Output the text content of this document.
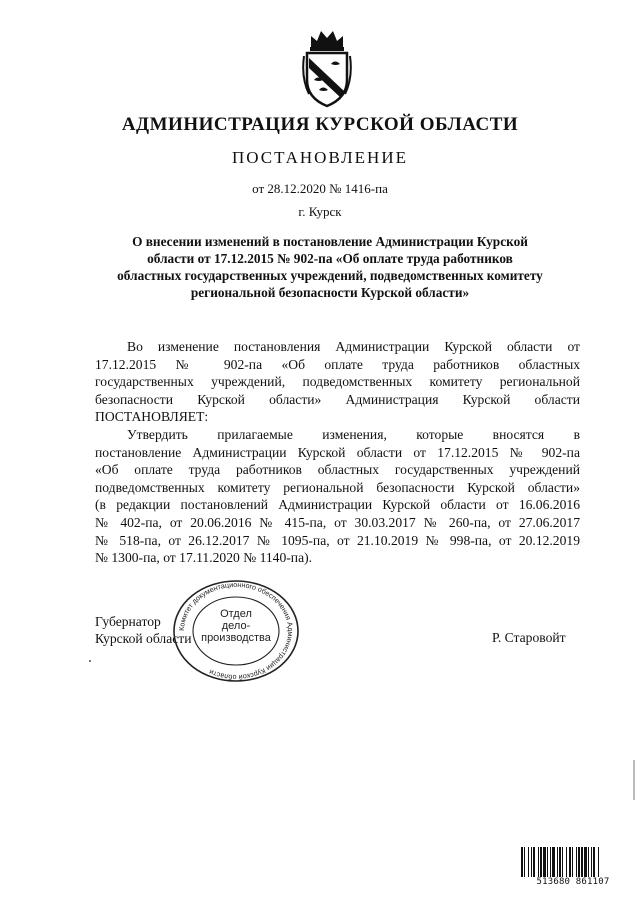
АДМИНИСТРАЦИЯ КУРСКОЙ ОБЛАСТИ
ПОСТАНОВЛЕНИЕ
от 28.12.2020 № 1416-па
г. Курск
О внесении изменений в постановление Администрации Курской
области от 17.12.2015 № 902-па «Об оплате труда работников
областных государственных учреждений, подведомственных комитету
региональной безопасности Курской области»
Во изменение постановления Администрации Курской области от
17.12.2015 № 902-па «Об оплате труда работников областных
государственных учреждений, подведомственных комитету региональной
безопасности Курской области» Администрация Курской области
ПОСТАНОВЛЯЕТ:
Утвердить прилагаемые изменения, которые вносятся в
постановление Администрации Курской области от 17.12.2015 № 902-па
«Об оплате труда работников областных государственных учреждений
подведомственных комитету региональной безопасности Курской области»
(в редакции постановлений Администрации Курской области от 16.06.2016
№ 402-па, от 20.06.2016 № 415-па, от 30.03.2017 № 260-па, от 27.06.2017
№ 518-па, от 26.12.2017 № 1095-па, от 21.10.2019 № 998-па, от 20.12.2019
№ 1300-па, от 17.11.2020 № 1140-па).
Губернатор
Курской области
Комитет документационного обеспечения Администрации Курской области
Отдел
дело-
производства	Р. Старовойт
513680 861107
